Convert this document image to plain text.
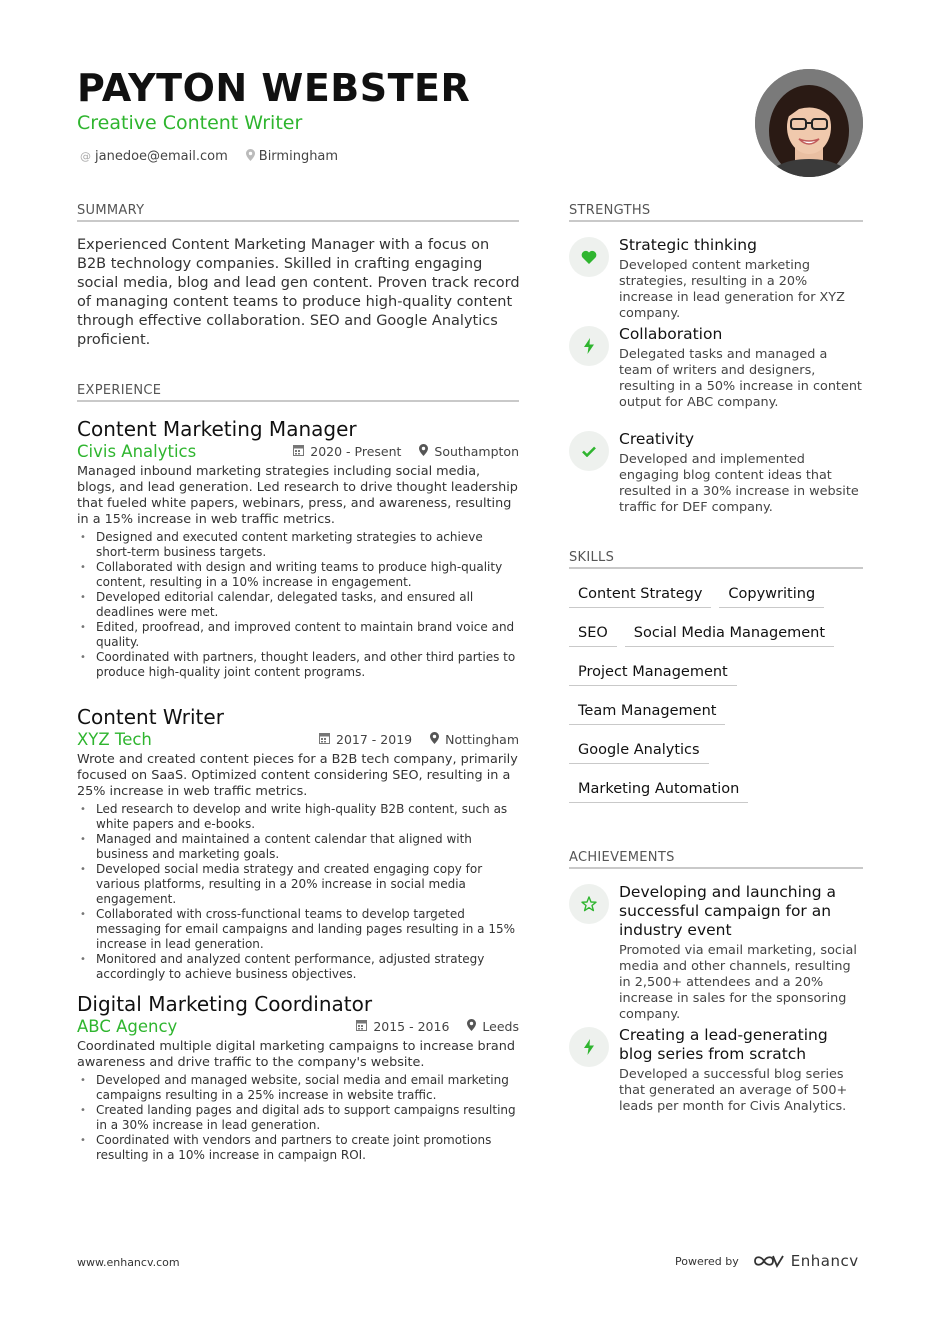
PAYTON WEBSTER
Creative Content Writer
@ janedoe@email.com Birmingham
SUMMARY
Experienced Content Marketing Manager with a focus on B2B technology companies. Skilled in crafting engaging social media, blog and lead gen content. Proven track record of managing content teams to produce high-quality content through effective collaboration. SEO and Google Analytics proficient.
EXPERIENCE
Content Marketing Manager
Civis Analytics	2020 - Present	Southampton
Managed inbound marketing strategies including social media, blogs, and lead generation. Led research to drive thought leadership that fueled white papers, webinars, press, and awareness, resulting in a 15% increase in web traffic metrics.
• Designed and executed content marketing strategies to achieve short-term business targets.
• Collaborated with design and writing teams to produce high-quality content, resulting in a 10% increase in engagement.
• Developed editorial calendar, delegated tasks, and ensured all deadlines were met.
• Edited, proofread, and improved content to maintain brand voice and quality.
• Coordinated with partners, thought leaders, and other third parties to produce high-quality joint content programs.
Content Writer
XYZ Tech	2017 - 2019	Nottingham
Wrote and created content pieces for a B2B tech company, primarily focused on SaaS. Optimized content considering SEO, resulting in a 25% increase in web traffic metrics.
• Led research to develop and write high-quality B2B content, such as white papers and e-books.
• Managed and maintained a content calendar that aligned with business and marketing goals.
• Developed social media strategy and created engaging copy for various platforms, resulting in a 20% increase in social media engagement.
• Collaborated with cross-functional teams to develop targeted messaging for email campaigns and landing pages resulting in a 15% increase in lead generation.
• Monitored and analyzed content performance, adjusted strategy accordingly to achieve business objectives.
Digital Marketing Coordinator
ABC Agency	2015 - 2016	Leeds
Coordinated multiple digital marketing campaigns to increase brand awareness and drive traffic to the company's website.
• Developed and managed website, social media and email marketing campaigns resulting in a 25% increase in website traffic.
• Created landing pages and digital ads to support campaigns resulting in a 30% increase in lead generation.
• Coordinated with vendors and partners to create joint promotions resulting in a 10% increase in campaign ROI.
STRENGTHS
Strategic thinking
Developed content marketing strategies, resulting in a 20% increase in lead generation for XYZ company.
Collaboration
Delegated tasks and managed a team of writers and designers, resulting in a 50% increase in content output for ABC company.
Creativity
Developed and implemented engaging blog content ideas that resulted in a 30% increase in website traffic for DEF company.
SKILLS
Content Strategy	Copywriting
SEO	Social Media Management
Project Management
Team Management
Google Analytics
Marketing Automation
ACHIEVEMENTS
Developing and launching a successful campaign for an industry event
Promoted via email marketing, social media and other channels, resulting in 2,500+ attendees and a 20% increase in sales for the sponsoring company.
Creating a lead-generating blog series from scratch
Developed a successful blog series that generated an average of 500+ leads per month for Civis Analytics.
www.enhancv.com	Powered by	Enhancv
